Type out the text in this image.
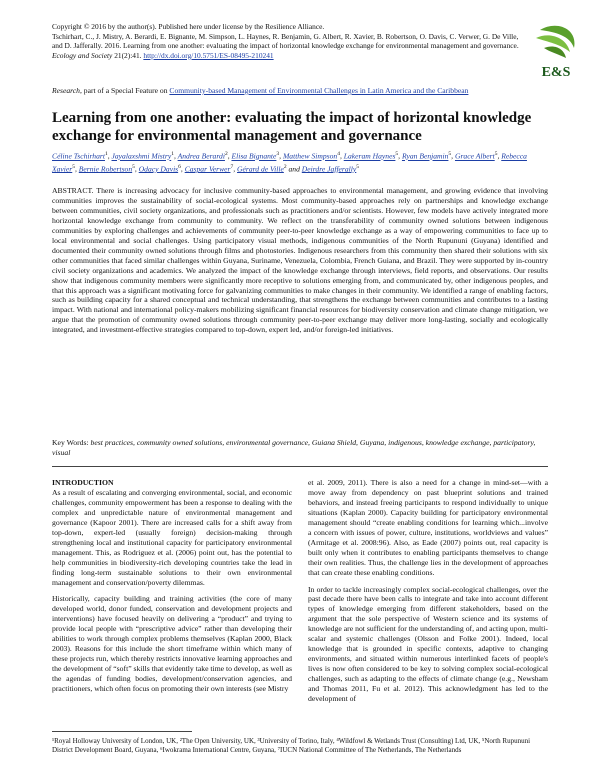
Copyright © 2016 by the author(s). Published here under license by the Resilience Alliance.
Tschirhart, C., J. Mistry, A. Berardi, E. Bignante, M. Simpson, L. Haynes, R. Benjamin, G. Albert, R. Xavier, B. Robertson, O. Davis, C. Verwer, G. De Ville, and D. Jafferally. 2016. Learning from one another: evaluating the impact of horizontal knowledge exchange for environmental management and governance. Ecology and Society 21(2):41. http://dx.doi.org/10.5751/ES-08495-210241
E&S
Research, part of a Special Feature on Community-based Management of Environmental Challenges in Latin America and the Caribbean
Learning from one another: evaluating the impact of horizontal knowledge exchange for environmental management and governance
Céline Tschirhart$^1$, Jayalaxshmi Mistry$^1$, Andrea Berardi$^2$, Elisa Bignante$^3$, Matthew Simpson$^4$, Lakeram Haynes$^5$, Ryan Benjamin$^5$, Grace Albert$^5$, Rebecca Xavier$^5$, Bernie Robertson$^5$, Odacy Davis$^6$, Caspar Verwer$^7$, Gérard de Ville$^2$ and Deirdre Jafferally$^5$

ABSTRACT. There is increasing advocacy for inclusive community-based approaches to environmental management, and growing evidence that involving communities improves the sustainability of social-ecological systems. Most community-based approaches rely on partnerships and knowledge exchange between communities, civil society organizations, and professionals such as practitioners and/or scientists. However, few models have actively integrated more horizontal knowledge exchange from community to community. We reflect on the transferability of community owned solutions between indigenous communities by exploring challenges and achievements of community peer-to-peer knowledge exchange as a way of empowering communities to face up to local environmental and social challenges. Using participatory visual methods, indigenous communities of the North Rupununi (Guyana) identified and documented their community owned solutions through films and photostories. Indigenous researchers from this community then shared their solutions with six other communities that faced similar challenges within Guyana, Suriname, Venezuela, Colombia, French Guiana, and Brazil. They were supported by in-country civil society organizations and academics. We analyzed the impact of the knowledge exchange through interviews, field reports, and observations. Our results show that indigenous community members were significantly more receptive to solutions emerging from, and communicated by, other indigenous peoples, and that this approach was a significant motivating force for galvanizing communities to make changes in their community. We identified a range of enabling factors, such as building capacity for a shared conceptual and technical understanding, that strengthens the exchange between communities and contributes to a lasting impact. With national and international policy-makers mobilizing significant financial resources for biodiversity conservation and climate change mitigation, we argue that the promotion of community owned solutions through community peer-to-peer exchange may deliver more long-lasting, socially and ecologically integrated, and investment-effective strategies compared to top-down, expert led, and/or foreign-led initiatives.

Key Words: best practices, community owned solutions, environmental governance, Guiana Shield, Guyana, indigenous, knowledge exchange, participatory, visual

INTRODUCTION

As a result of escalating and converging environmental, social, and economic challenges, community empowerment has been a response to dealing with the complex and unpredictable nature of environmental management and governance (Kapoor 2001). There are increased calls for a shift away from top-down, expert-led (usually foreign) decision-making through strengthening local and institutional capacity for participatory environmental management. This, as Rodriguez et al. (2006) point out, has the potential to help communities in biodiversity-rich developing countries take the lead in finding long-term sustainable solutions to their own environmental management and conservation/poverty dilemmas.

Historically, capacity building and training activities (the core of many developed world, donor funded, conservation and development projects and interventions) have focused heavily on delivering a “product” and trying to provide local people with “prescriptive advice” rather than developing their abilities to work through complex problems themselves (Kaplan 2000, Black 2003). Reasons for this include the short timeframe within which many of these projects run, which thereby restricts innovative learning approaches and the development of “soft” skills that evidently take time to develop, as well as the agendas of funding bodies, development/conservation agencies, and practitioners, which often focus on promoting their own interests (see Mistry

et al. 2009, 2011). There is also a need for a change in mind-set—with a move away from dependency on past blueprint solutions and trained behaviors, and instead freeing participants to respond individually to unique situations (Kaplan 2000). Capacity building for participatory environmental management should “create enabling conditions for learning which...involve a concern with issues of power, culture, institutions, worldviews and values” (Armitage et al. 2008:96). Also, as Eade (2007) points out, real capacity is built only when it contributes to enabling participants themselves to change their own realities. Thus, the challenge lies in the development of approaches that can create these enabling conditions.

In order to tackle increasingly complex social-ecological challenges, over the past decade there have been calls to integrate and take into account different types of knowledge emerging from different stakeholders, based on the argument that the sole perspective of Western science and its systems of knowledge are not sufficient for the understanding of, and acting upon, multi-scalar and systemic challenges (Olsson and Folke 2001). Indeed, local knowledge that is grounded in specific contexts, adaptive to changing environments, and situated within numerous interlinked facets of people's lives is now often considered to be key to solving complex social-ecological challenges, such as adapting to the effects of climate change (e.g., Newsham and Thomas 2011, Fu et al. 2012). This acknowledgment has led to the development of

¹Royal Holloway University of London, UK, ²The Open University, UK, ³University of Torino, Italy, ⁴Wildfowl & Wetlands Trust (Consulting) Ltd, UK, ⁵North Rupununi District Development Board, Guyana, ⁶Iwokrama International Centre, Guyana, ⁷IUCN National Committee of The Netherlands, The Netherlands
